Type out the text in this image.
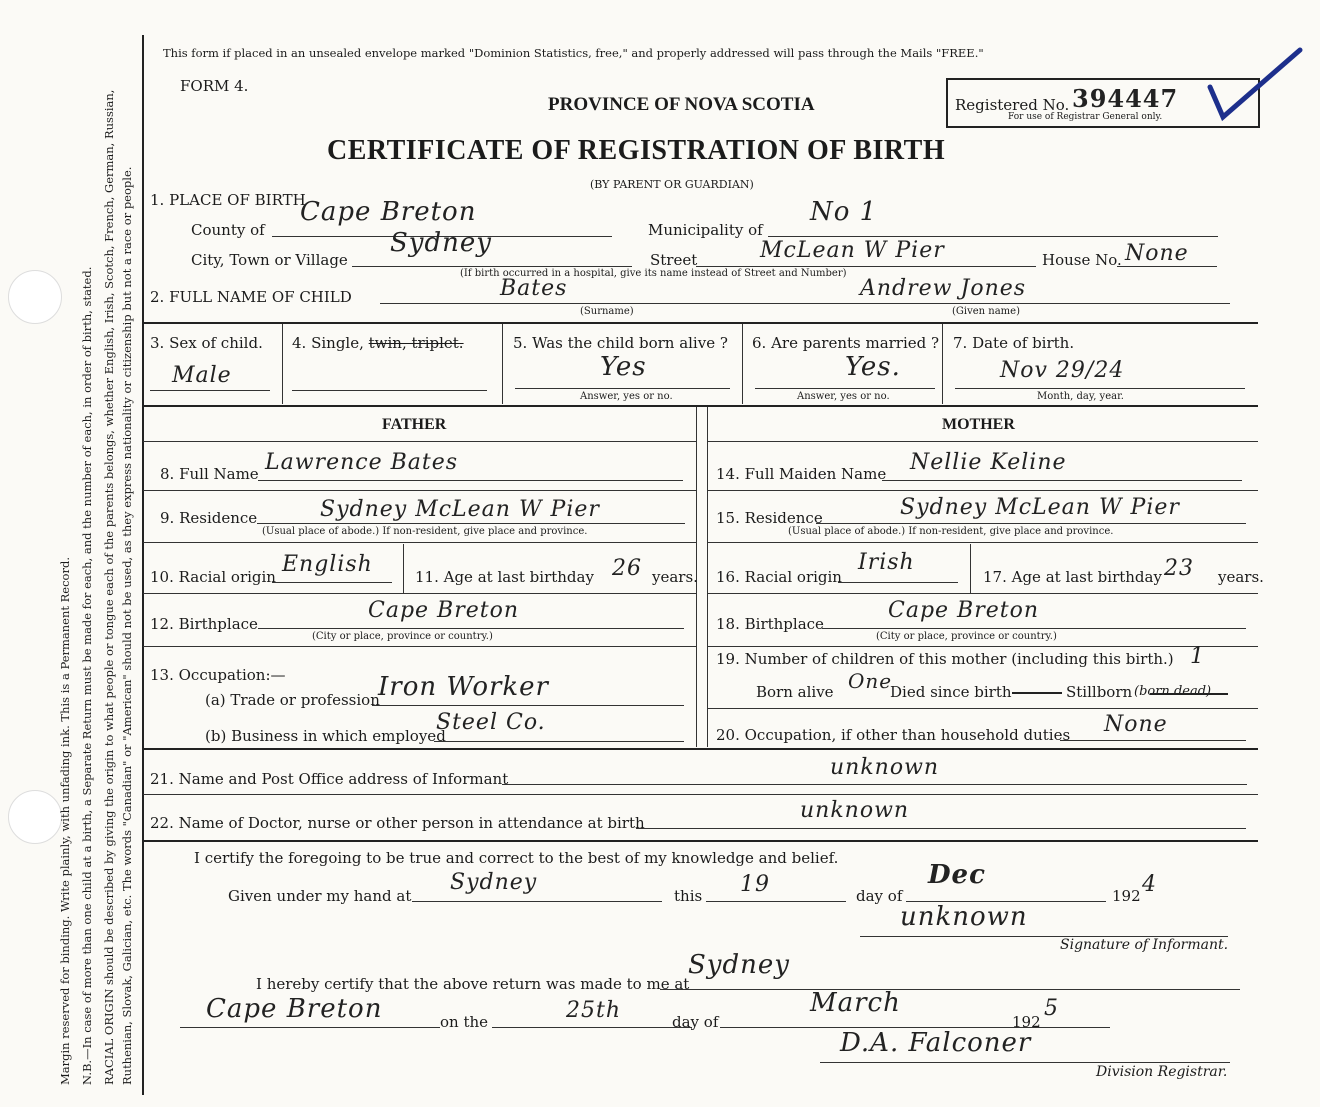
Margin reserved for binding. Write plainly, with unfading ink. This is a Permanent Record. N.B.—In case of more than one child at a birth, a Separate Return must be made for each, and the number of each, in order of birth, stated. RACIAL ORIGIN should be described by giving the origin to what people or tongue each of the parents belongs, whether English, Irish, Scotch, French, German, Russian, Ruthenian, Slovak, Galician, etc. The words "Canadian" or "American" should not be used, as they express nationality or citizenship but not a race or people.
This form if placed in an unsealed envelope marked "Dominion Statistics, free," and properly addressed will pass through the Mails "FREE."
FORM 4.
PROVINCE OF NOVA SCOTIA
CERTIFICATE OF REGISTRATION OF BIRTH
(BY PARENT OR GUARDIAN)
Registered No. 394447
For use of Registrar General only.
1. PLACE OF BIRTH
County of
Cape Breton
Municipality of
No 1
City, Town or Village
Sydney
Street	McLean W Pier	House No. None
(If birth occurred in a hospital, give its name instead of Street and Number)
2. FULL NAME OF CHILD	Bates
(Surname)
Andrew Jones
(Given name)
3. Sex of child.
Male
4. Single, twin, triplet.	5. Was the child born alive ?
Yes
Answer, yes or no.
6. Are parents married ?
Yes.
Answer, yes or no.
7. Date of birth.
Nov 29/24
Month, day, year.
FATHER	MOTHER
8. Full Name Lawrence Bates	14. Full Maiden Name Nellie Keline
9. Residence	Sydney McLean W Pier
(Usual place of abode.) If non-resident, give place and province.
15. Residence	Sydney McLean W Pier
(Usual place of abode.) If non-resident, give place and province.
10. Racial origin English	11. Age at last birthday 26 years. 16. Racial origin
Irish
17. Age at last birthday 23 years.
12. Birthplace
Cape Breton
(City or place, province or country.)
18. Birthplace
Cape Breton
(City or place, province or country.)
13. Occupation:—
(a) Trade or profession
Iron Worker
(b) Business in which employed
Steel Co.
19. Number of children of this mother (including this birth.) 1
Born alive One
Died since birth	Stillborn (born dead)
20. Occupation, if other than household duties None
21. Name and Post Office address of Informant	unknown
22. Name of Doctor, nurse or other person in attendance at birth	unknown
I certify the foregoing to be true and correct to the best of my knowledge and belief.
Given under my hand at
Sydney
this 19	day of
Dec
192 4
unknown
Signature of Informant.
I hereby certify that the above return was made to me at
Sydney
Cape Breton	on the	25th	day of
March
192
5
D.A. Falconer
Division Registrar.
